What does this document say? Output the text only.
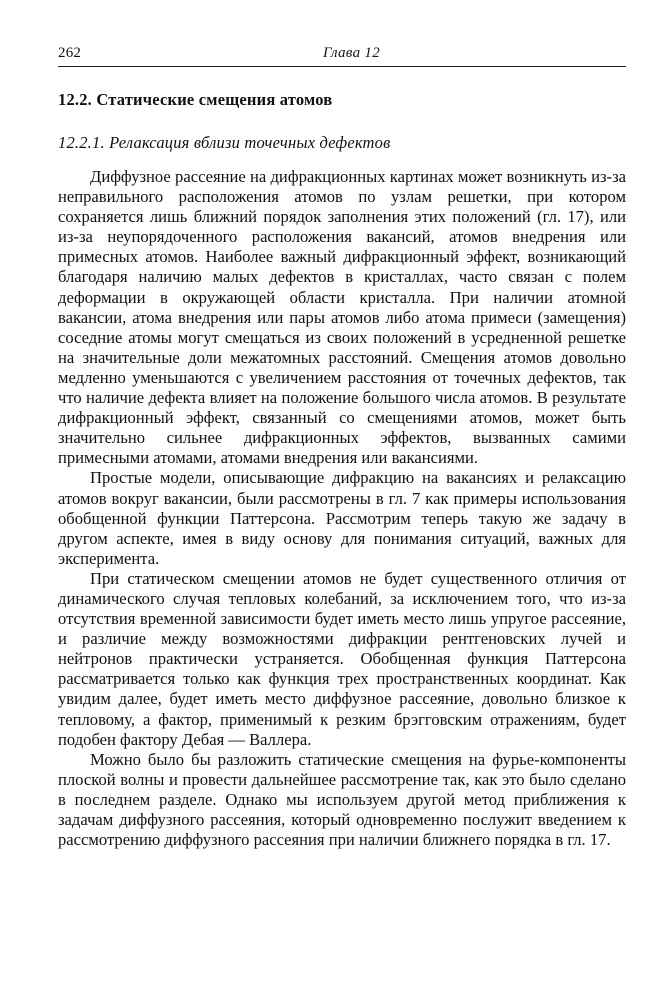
262	Глава 12
12.2. Статические смещения атомов
12.2.1. Релаксация вблизи точечных дефектов

Диффузное рассеяние на дифракционных картинах может возникнуть из-за неправильного расположения атомов по узлам решетки, при котором сохраняется лишь ближний порядок заполнения этих положений (гл. 17), или из-за неупорядоченного расположения вакансий, атомов внедрения или примесных атомов. Наиболее важный дифракционный эффект, возникающий благодаря наличию малых дефектов в кристаллах, часто связан с полем деформации в окружающей области кристалла. При наличии атомной вакансии, атома внедрения или пары атомов либо атома примеси (замещения) соседние атомы могут смещаться из своих положений в усредненной решетке на значительные доли межатомных расстояний. Смещения атомов довольно медленно уменьшаются с увеличением расстояния от точечных дефектов, так что наличие дефекта влияет на положение большого числа атомов. В результате дифракционный эффект, связанный со смещениями атомов, может быть значительно сильнее дифракционных эффектов, вызванных самими примесными атомами, атомами внедрения или вакансиями.

Простые модели, описывающие дифракцию на вакансиях и релаксацию атомов вокруг вакансии, были рассмотрены в гл. 7 как примеры использования обобщенной функции Паттерсона. Рассмотрим теперь такую же задачу в другом аспекте, имея в виду основу для понимания ситуаций, важных для эксперимента.

При статическом смещении атомов не будет существенного отличия от динамического случая тепловых колебаний, за исключением того, что из-за отсутствия временной зависимости будет иметь место лишь упругое рассеяние, и различие между возможностями дифракции рентгеновских лучей и нейтронов практически устраняется. Обобщенная функция Паттерсона рассматривается только как функция трех пространственных координат. Как увидим далее, будет иметь место диффузное рассеяние, довольно близкое к тепловому, а фактор, применимый к резким брэгговским отражениям, будет подобен фактору Дебая — Валлера.

Можно было бы разложить статические смещения на фурье-компоненты плоской волны и провести дальнейшее рассмотрение так, как это было сделано в последнем разделе. Однако мы используем другой метод приближения к задачам диффузного рассеяния, который одновременно послужит введением к рассмотрению диффузного рассеяния при наличии ближнего порядка в гл. 17.
